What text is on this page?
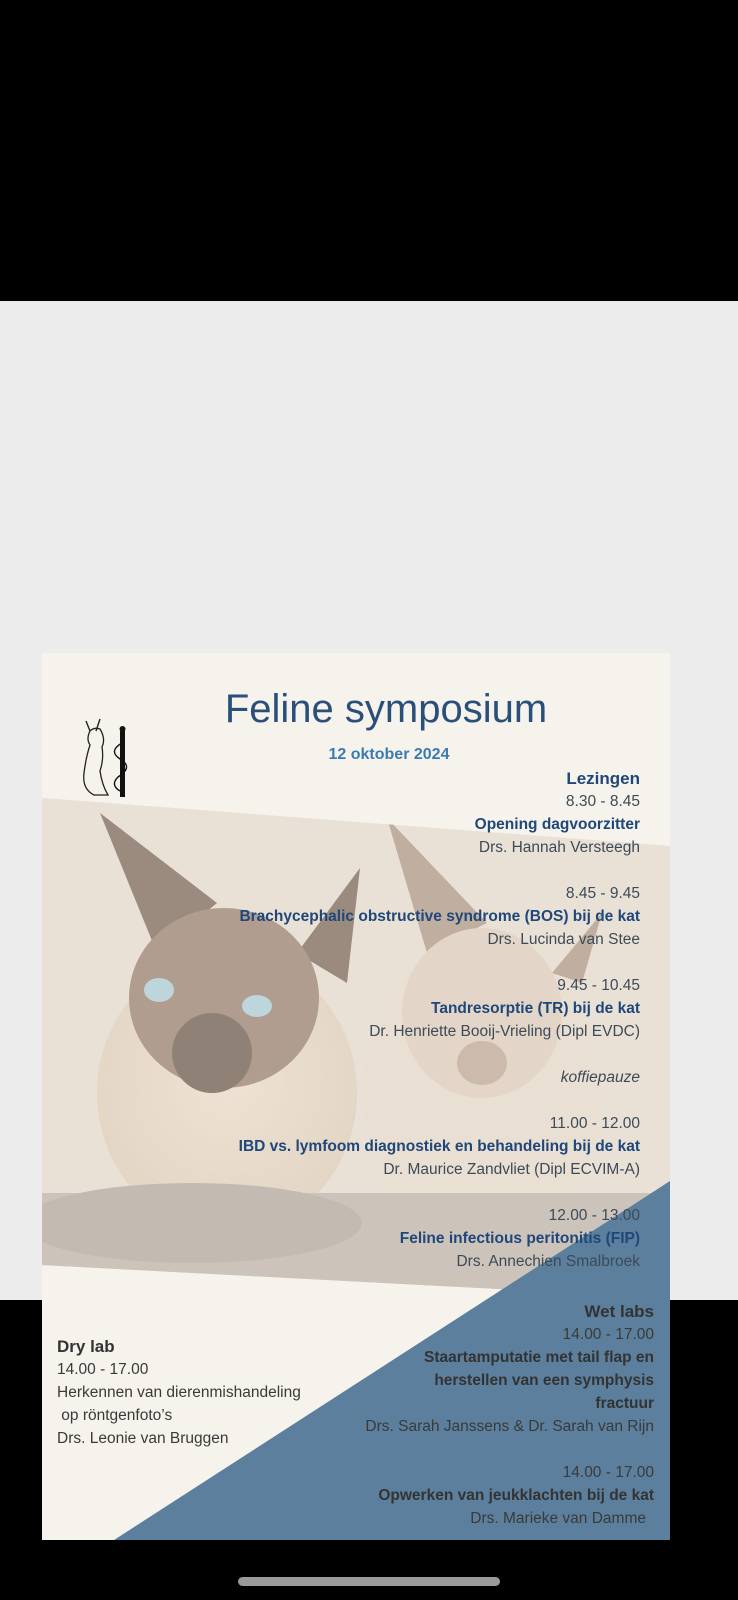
Feline symposium
12 oktober 2024
Lezingen
8.30 - 8.45
Opening dagvoorzitter
Drs. Hannah Versteegh
8.45 - 9.45
Brachycephalic obstructive syndrome (BOS) bij de kat
Drs. Lucinda van Stee
9.45 - 10.45
Tandresorptie (TR) bij de kat
Dr. Henriette Booij-Vrieling (Dipl EVDC)
koffiepauze
11.00 - 12.00
IBD vs. lymfoom diagnostiek en behandeling bij de kat
Dr. Maurice Zandvliet (Dipl ECVIM-A)
12.00 - 13.00
Feline infectious peritonitis (FIP)
Drs. Annechien Smalbroek
Wet labs
14.00 - 17.00
Staartamputatie met tail flap en
herstellen van een symphysis
fractuur
Drs. Sarah Janssens & Dr. Sarah van Rijn
14.00 - 17.00
Opwerken van jeukklachten bij de kat
Drs. Marieke van Damme
Dry lab
14.00 - 17.00
Herkennen van dierenmishandeling
op röntgenfoto’s
Drs. Leonie van Bruggen
